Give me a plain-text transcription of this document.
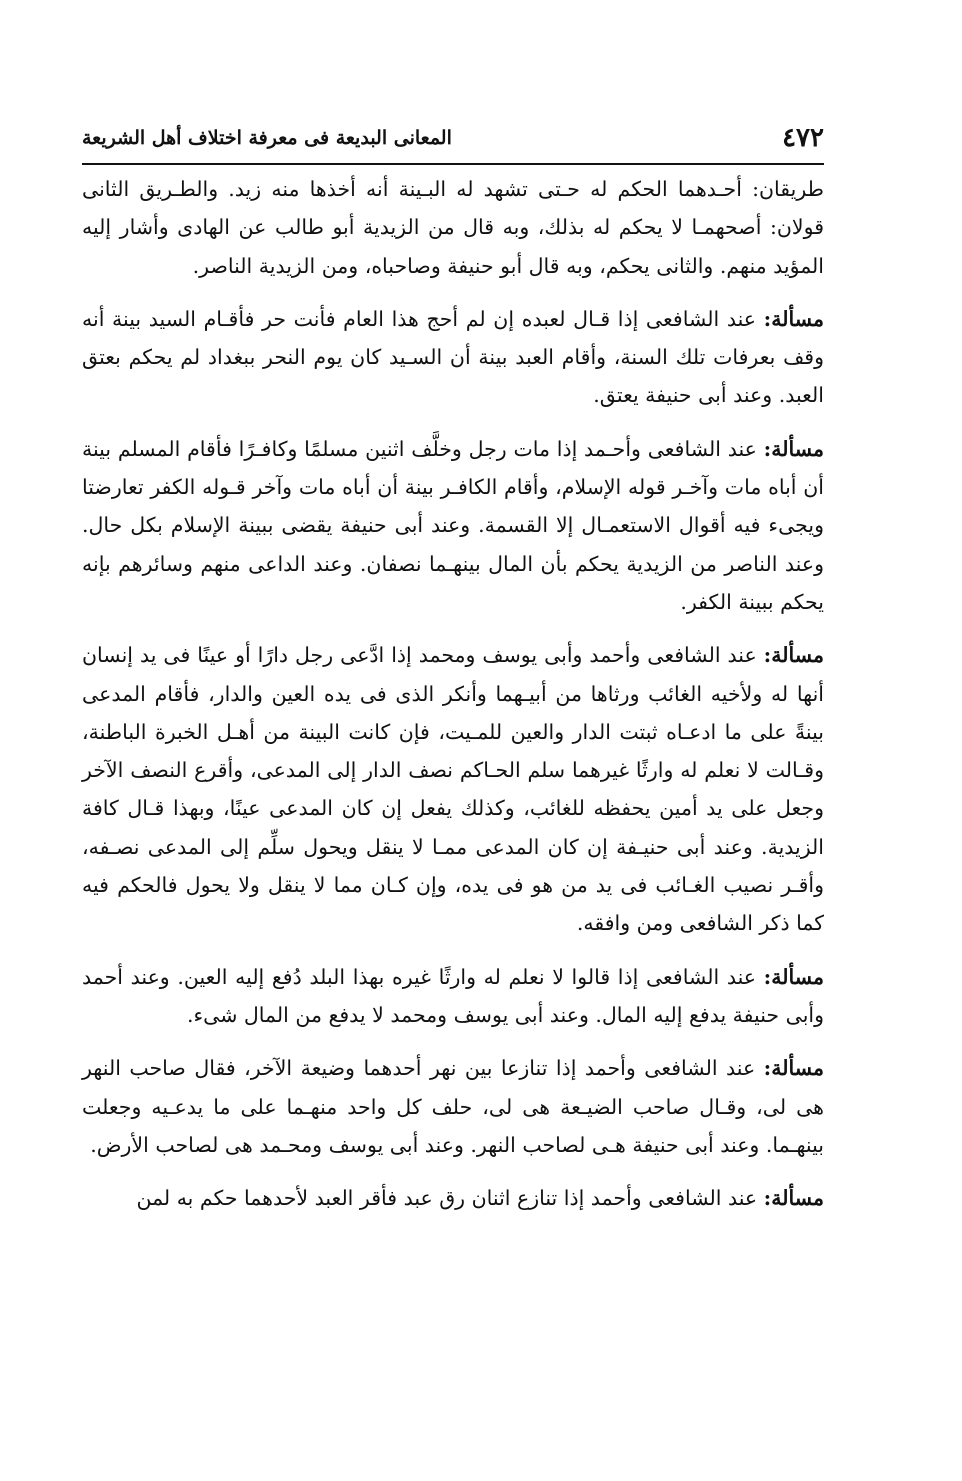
٤٧٢
المعانى البديعة فى معرفة اختلاف أهل الشريعة

طريقان: أحـدهما الحكم له حـتى تشهد له البـينة أنه أخذها منه زيد. والطـريق الثانى قولان: أصحهمـا لا يحكم له بذلك، وبه قال من الزيدية أبو طالب عن الهادى وأشار إليه المؤيد منهم. والثانى يحكم، وبه قال أبو حنيفة وصاحباه، ومن الزيدية الناصر.

مسألة: عند الشافعى إذا قـال لعبده إن لم أحج هذا العام فأنت حر فأقـام السيد بينة أنه وقف بعرفات تلك السنة، وأقام العبد بينة أن السـيد كان يوم النحر ببغداد لم يحكم بعتق العبد. وعند أبى حنيفة يعتق.

مسألة: عند الشافعى وأحـمد إذا مات رجل وخلَّف اثنين مسلمًا وكافـرًا فأقام المسلم بينة أن أباه مات وآخـر قوله الإسلام، وأقام الكافـر بينة أن أباه مات وآخر قـوله الكفر تعارضتا ويجىء فيه أقوال الاستعمـال إلا القسمة. وعند أبى حنيفة يقضى ببينة الإسلام بكل حال. وعند الناصر من الزيدية يحكم بأن المال بينهـما نصفان. وعند الداعى منهم وسائرهم بإنه يحكم ببينة الكفر.

مسألة: عند الشافعى وأحمد وأبى يوسف ومحمد إذا ادَّعى رجل دارًا أو عينًا فى يد إنسان أنها له ولأخيه الغائب ورثاها من أبيـهما وأنكر الذى فى يده العين والدار، فأقام المدعى بينةً على ما ادعـاه ثبتت الدار والعين للمـيت، فإن كانت البينة من أهـل الخبرة الباطنة، وقـالت لا نعلم له وارثًا غيرهما سلم الحـاكم نصف الدار إلى المدعى، وأقرع النصف الآخر وجعل على يد أمين يحفظه للغائب، وكذلك يفعل إن كان المدعى عينًا، وبهذا قـال كافة الزيدية. وعند أبى حنيـفة إن كان المدعى ممـا لا ينقل ويحول سلِّم إلى المدعى نصـفه، وأقـر نصيب الغـائب فى يد من هو فى يده، وإن كـان مما لا ينقل ولا يحول فالحكم فيه كما ذكر الشافعى ومن وافقه.

مسألة: عند الشافعى إذا قالوا لا نعلم له وارثًا غيره بهذا البلد دُفع إليه العين. وعند أحمد وأبى حنيفة يدفع إليه المال. وعند أبى يوسف ومحمد لا يدفع من المال شىء.

مسألة: عند الشافعى وأحمد إذا تنازعا بين نهر أحدهما وضيعة الآخر، فقال صاحب النهر هى لى، وقـال صاحب الضيـعة هى لى، حلف كل واحد منهـما على ما يدعـيه وجعلت بينهـما. وعند أبى حنيفة هـى لصاحب النهر. وعند أبى يوسف ومحـمد هى لصاحب الأرض.

مسألة: عند الشافعى وأحمد إذا تنازع اثنان رق عبد فأقر العبد لأحدهما حكم به لمن
